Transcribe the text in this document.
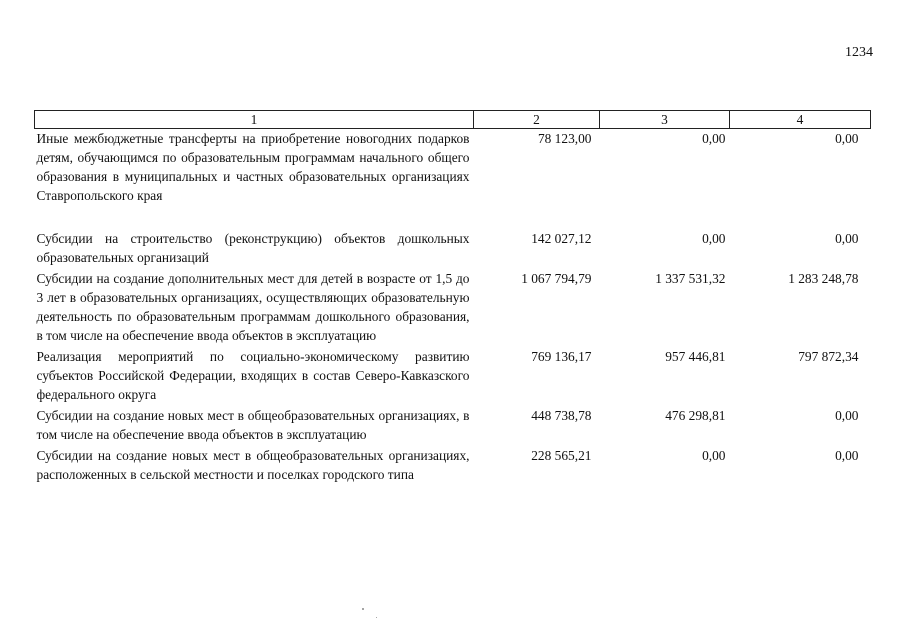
1234
1	2	3	4
Иные межбюджетные трансферты на приобретение новогодних подарков детям, обучающимся по образовательным программам начального общего образования в муниципальных и частных образовательных организациях Ставропольского края	78 123,00	0,00	0,00
Субсидии на строительство (реконструкцию) объектов дошкольных образовательных организаций	142 027,12	0,00	0,00
Субсидии на создание дополнительных мест для детей в возрасте от 1,5 до 3 лет в образовательных организациях, осуществляющих образовательную деятельность по образовательным программам дошкольного образования, в том числе на обеспечение ввода объектов в эксплуатацию	1 067 794,79	1 337 531,32	1 283 248,78
Реализация мероприятий по социально-экономическому развитию субъектов Российской Федерации, входящих в состав Северо-Кавказского федерального округа	769 136,17	957 446,81	797 872,34
Субсидии на создание новых мест в общеобразовательных организациях, в том числе на обеспечение ввода объектов в эксплуатацию	448 738,78	476 298,81	0,00
Субсидии на создание новых мест в общеобразовательных организациях, расположенных в сельской местности и поселках городского типа	228 565,21	0,00	0,00
